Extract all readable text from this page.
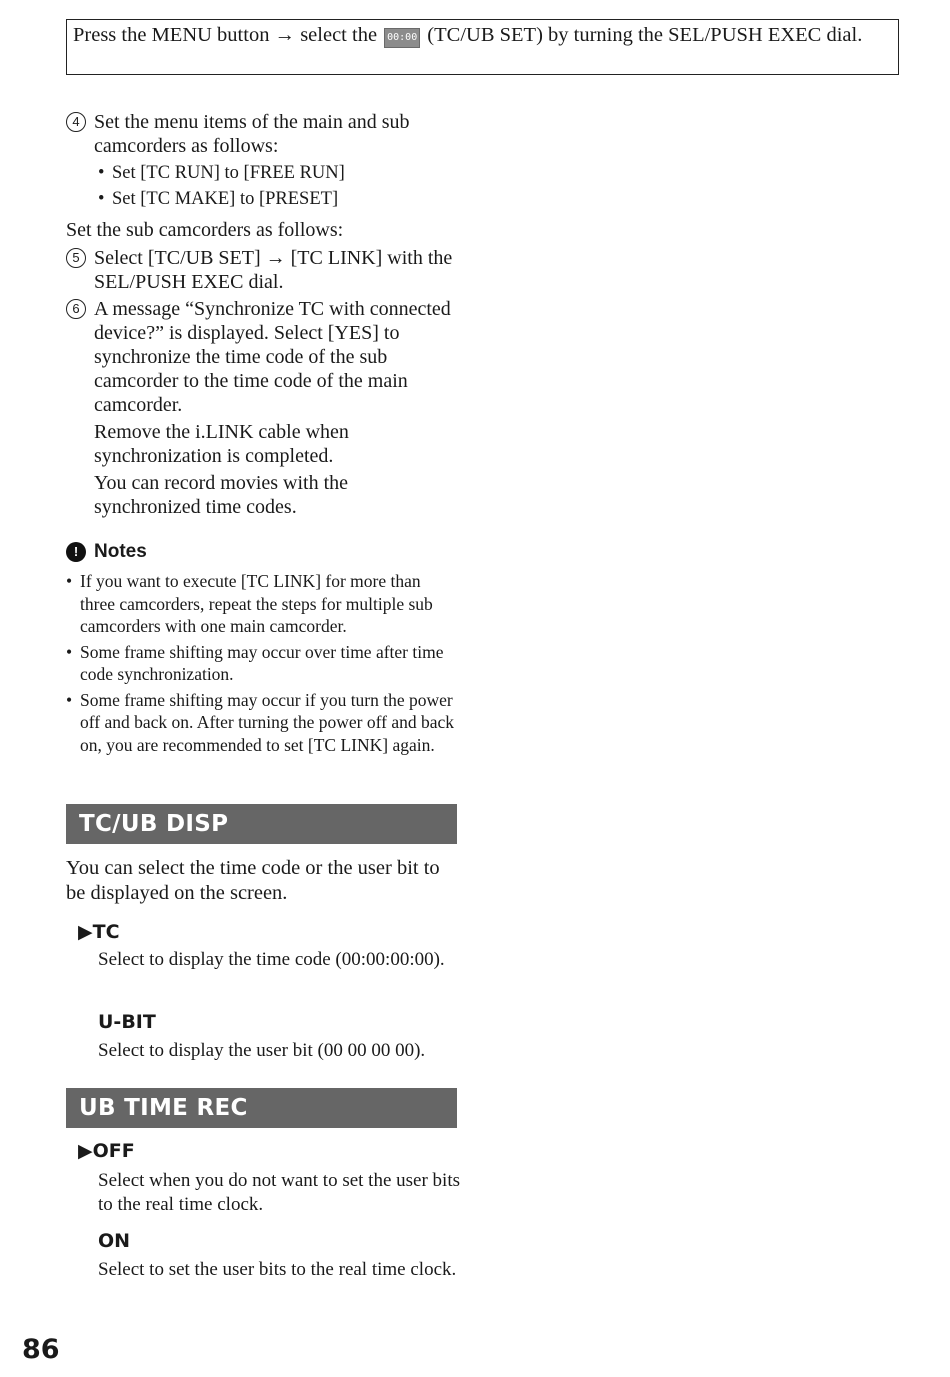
Press the MENU button → select the 00:00 (TC/UB SET) by turning the SEL/PUSH EXEC dial.
4 Set the menu items of the main and sub camcorders as follows:
• Set [TC RUN] to [FREE RUN]
• Set [TC MAKE] to [PRESET]

Set the sub camcorders as follows:

5 Select [TC/UB SET] → [TC LINK] with the SEL/PUSH EXEC dial.
6 A message “Synchronize TC with connected device?” is displayed. Select [YES] to synchronize the time code of the sub camcorder to the time code of the main camcorder.

Remove the i.LINK cable when synchronization is completed.

You can record movies with the synchronized time codes.

! Notes
• If you want to execute [TC LINK] for more than three camcorders, repeat the steps for multiple sub camcorders with one main camcorder.
• Some frame shifting may occur over time after time code synchronization.
• Some frame shifting may occur if you turn the power off and back on. After turning the power off and back on, you are recommended to set [TC LINK] again.
TC/UB DISP
You can select the time code or the user bit to be displayed on the screen.
▶TC
Select to display the time code (00:00:00:00).
U-BIT
Select to display the user bit (00 00 00 00).
UB TIME REC
▶OFF
Select when you do not want to set the user bits to the real time clock.
ON
Select to set the user bits to the real time clock.
86
